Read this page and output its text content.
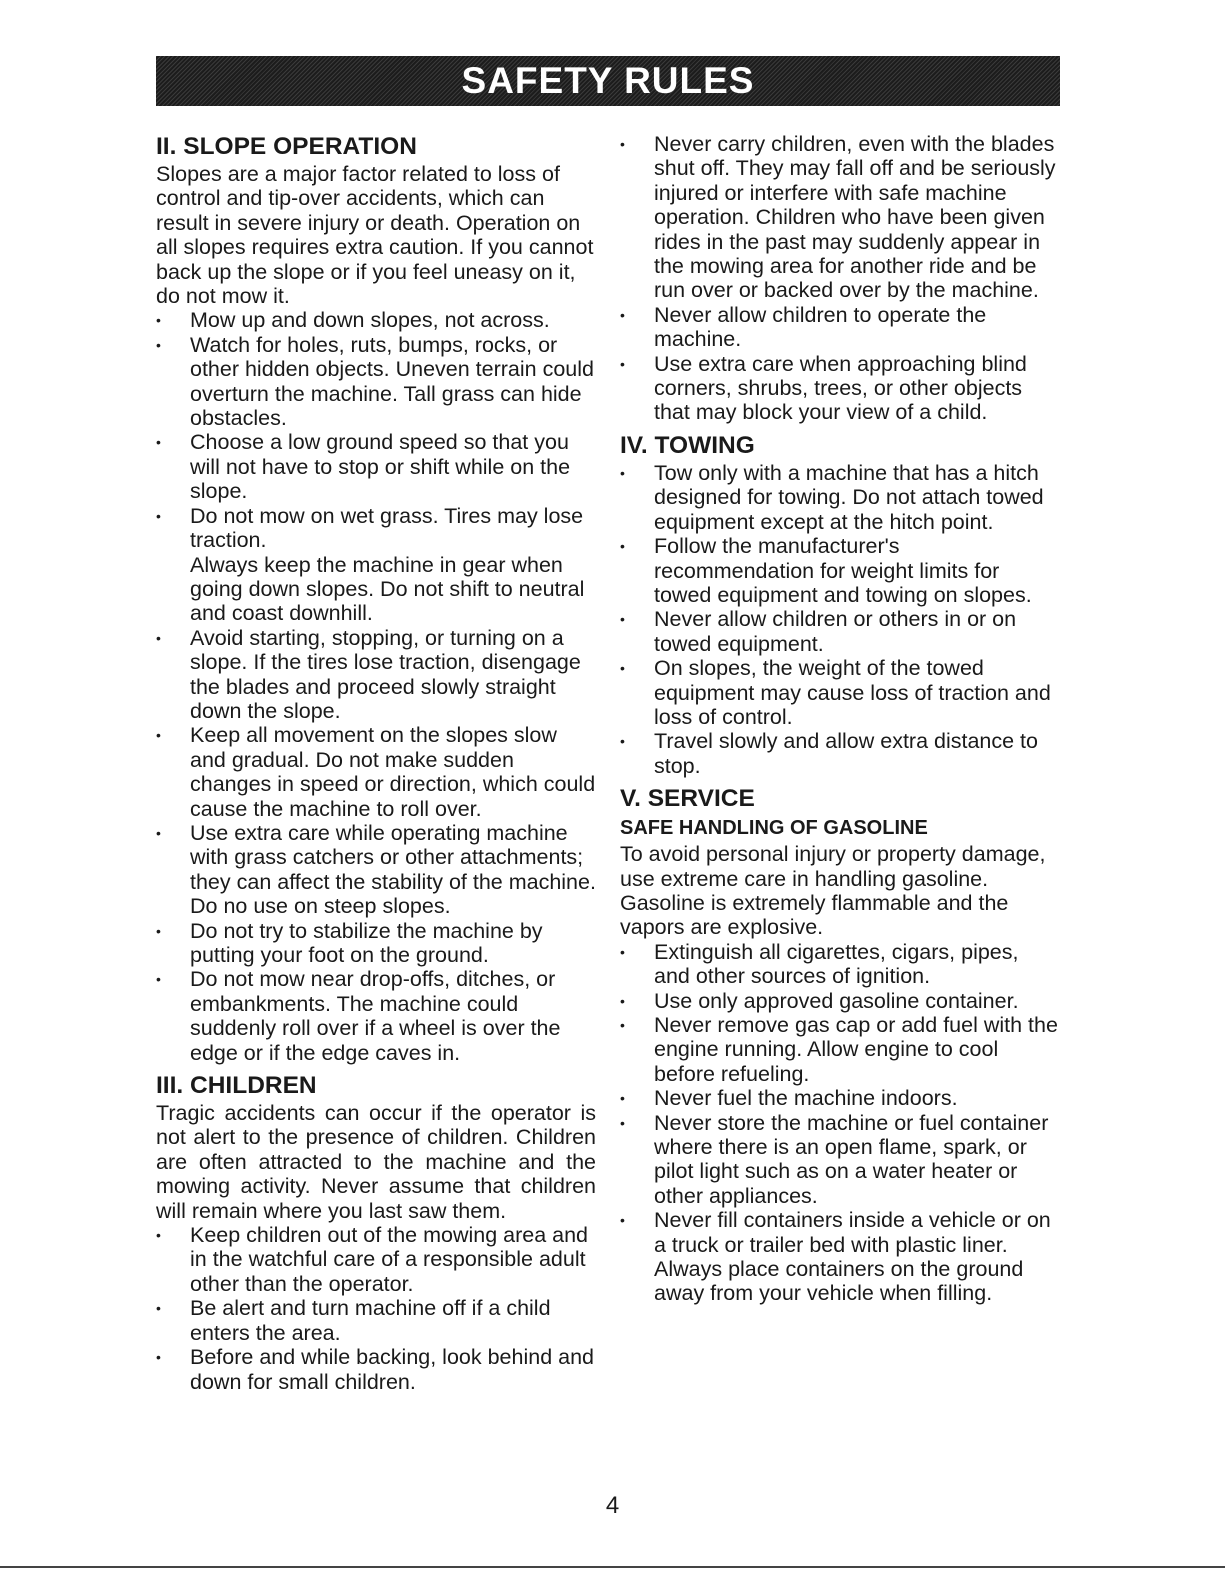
SAFETY RULES
II. SLOPE OPERATION

Slopes are a major factor related to loss of control and tip-over accidents, which can result in severe injury or death. Operation on all slopes requires extra caution. If you cannot back up the slope or if you feel uneasy on it, do not mow it.

• Mow up and down slopes, not across.
• Watch for holes, ruts, bumps, rocks, or other hidden objects. Uneven terrain could overturn the machine. Tall grass can hide obstacles.
• Choose a low ground speed so that you will not have to stop or shift while on the slope.
• Do not mow on wet grass. Tires may lose traction.
Always keep the machine in gear when going down slopes. Do not shift to neutral and coast downhill.
• Avoid starting, stopping, or turning on a slope. If the tires lose traction, disengage the blades and proceed slowly straight down the slope.
• Keep all movement on the slopes slow and gradual. Do not make sudden changes in speed or direction, which could cause the machine to roll over.
• Use extra care while operating machine with grass catchers or other attachments; they can affect the stability of the machine. Do no use on steep slopes.
• Do not try to stabilize the machine by putting your foot on the ground.
• Do not mow near drop-offs, ditches, or embankments. The machine could suddenly roll over if a wheel is over the edge or if the edge caves in.
III. CHILDREN

Tragic accidents can occur if the operator is not alert to the presence of children. Children are often attracted to the machine and the mowing activity. Never assume that children will remain where you last saw them.

• Keep children out of the mowing area and in the watchful care of a responsible adult other than the operator.
• Be alert and turn machine off if a child enters the area.
• Before and while backing, look behind and down for small children.
• Never carry children, even with the blades shut off. They may fall off and be seriously injured or interfere with safe machine operation. Children who have been given rides in the past may suddenly appear in the mowing area for another ride and be run over or backed over by the machine.
• Never allow children to operate the machine.
• Use extra care when approaching blind corners, shrubs, trees, or other objects that may block your view of a child.
IV. TOWING
• Tow only with a machine that has a hitch designed for towing. Do not attach towed equipment except at the hitch point.
• Follow the manufacturer's recommendation for weight limits for towed equipment and towing on slopes.
• Never allow children or others in or on towed equipment.
• On slopes, the weight of the towed equipment may cause loss of traction and loss of control.
• Travel slowly and allow extra distance to stop.
V. SERVICE
SAFE HANDLING OF GASOLINE

To avoid personal injury or property damage, use extreme care in handling gasoline. Gasoline is extremely flammable and the vapors are explosive.

• Extinguish all cigarettes, cigars, pipes, and other sources of ignition.
• Use only approved gasoline container.
• Never remove gas cap or add fuel with the engine running. Allow engine to cool before refueling.
• Never fuel the machine indoors.
• Never store the machine or fuel container where there is an open flame, spark, or pilot light such as on a water heater or other appliances.
• Never fill containers inside a vehicle or on a truck or trailer bed with plastic liner. Always place containers on the ground away from your vehicle when filling.
4
